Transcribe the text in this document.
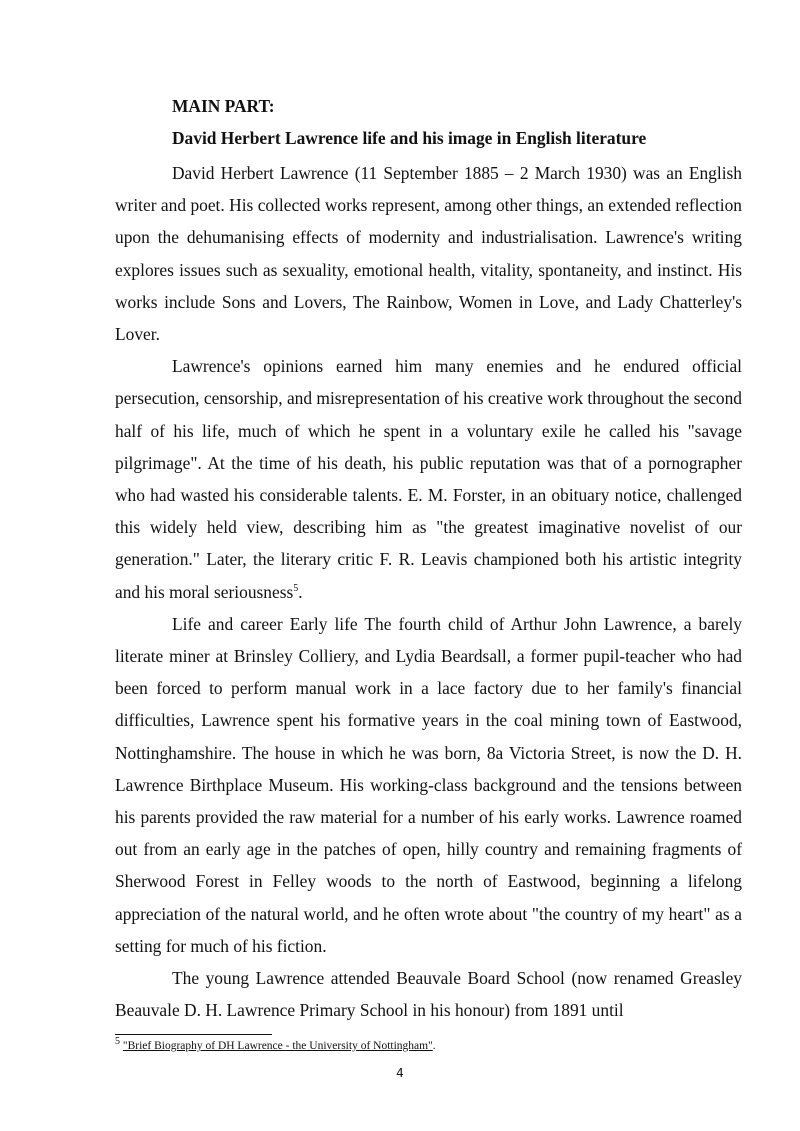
MAIN PART:
David Herbert Lawrence life and his image in English literature

David Herbert Lawrence (11 September 1885 – 2 March 1930) was an English writer and poet. His collected works represent, among other things, an extended reflection upon the dehumanising effects of modernity and industrialisation. Lawrence's writing explores issues such as sexuality, emotional health, vitality, spontaneity, and instinct. His works include Sons and Lovers, The Rainbow, Women in Love, and Lady Chatterley's Lover.

Lawrence's opinions earned him many enemies and he endured official persecution, censorship, and misrepresentation of his creative work throughout the second half of his life, much of which he spent in a voluntary exile he called his "savage pilgrimage". At the time of his death, his public reputation was that of a pornographer who had wasted his considerable talents. E. M. Forster, in an obituary notice, challenged this widely held view, describing him as "the greatest imaginative novelist of our generation." Later, the literary critic F. R. Leavis championed both his artistic integrity and his moral seriousness$^5$.

Life and career Early life The fourth child of Arthur John Lawrence, a barely literate miner at Brinsley Colliery, and Lydia Beardsall, a former pupil-teacher who had been forced to perform manual work in a lace factory due to her family's financial difficulties, Lawrence spent his formative years in the coal mining town of Eastwood, Nottinghamshire. The house in which he was born, 8a Victoria Street, is now the D. H. Lawrence Birthplace Museum. His working-class background and the tensions between his parents provided the raw material for a number of his early works. Lawrence roamed out from an early age in the patches of open, hilly country and remaining fragments of Sherwood Forest in Felley woods to the north of Eastwood, beginning a lifelong appreciation of the natural world, and he often wrote about "the country of my heart" as a setting for much of his fiction.

The young Lawrence attended Beauvale Board School (now renamed Greasley Beauvale D. H. Lawrence Primary School in his honour) from 1891 until

$^5$ "Brief Biography of DH Lawrence - the University of Nottingham".
4
